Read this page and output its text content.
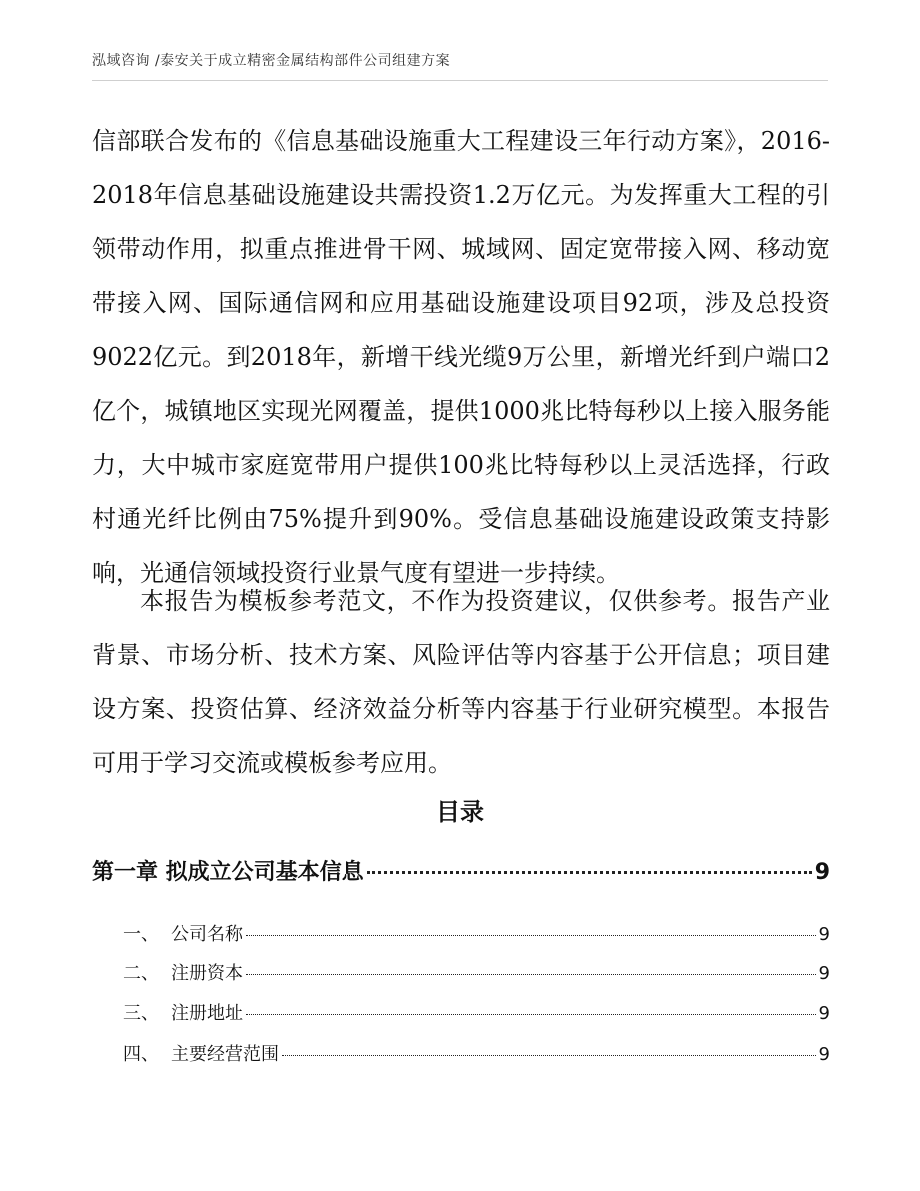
泓域咨询 /泰安关于成立精密金属结构部件公司组建方案

信部联合发布的《信息基础设施重大工程建设三年行动方案》，2016-2018年信息基础设施建设共需投资1.2万亿元。为发挥重大工程的引领带动作用，拟重点推进骨干网、城域网、固定宽带接入网、移动宽带接入网、国际通信网和应用基础设施建设项目92项，涉及总投资9022亿元。到2018年，新增干线光缆9万公里，新增光纤到户端口2亿个，城镇地区实现光网覆盖，提供1000兆比特每秒以上接入服务能力，大中城市家庭宽带用户提供100兆比特每秒以上灵活选择，行政村通光纤比例由75%提升到90%。受信息基础设施建设政策支持影响，光通信领域投资行业景气度有望进一步持续。

本报告为模板参考范文，不作为投资建议，仅供参考。报告产业背景、市场分析、技术方案、风险评估等内容基于公开信息；项目建设方案、投资估算、经济效益分析等内容基于行业研究模型。本报告可用于学习交流或模板参考应用。

目录
第一章 拟成立公司基本信息	9
一、 公司名称	9
二、 注册资本	9
三、 注册地址	9
四、 主要经营范围	9
